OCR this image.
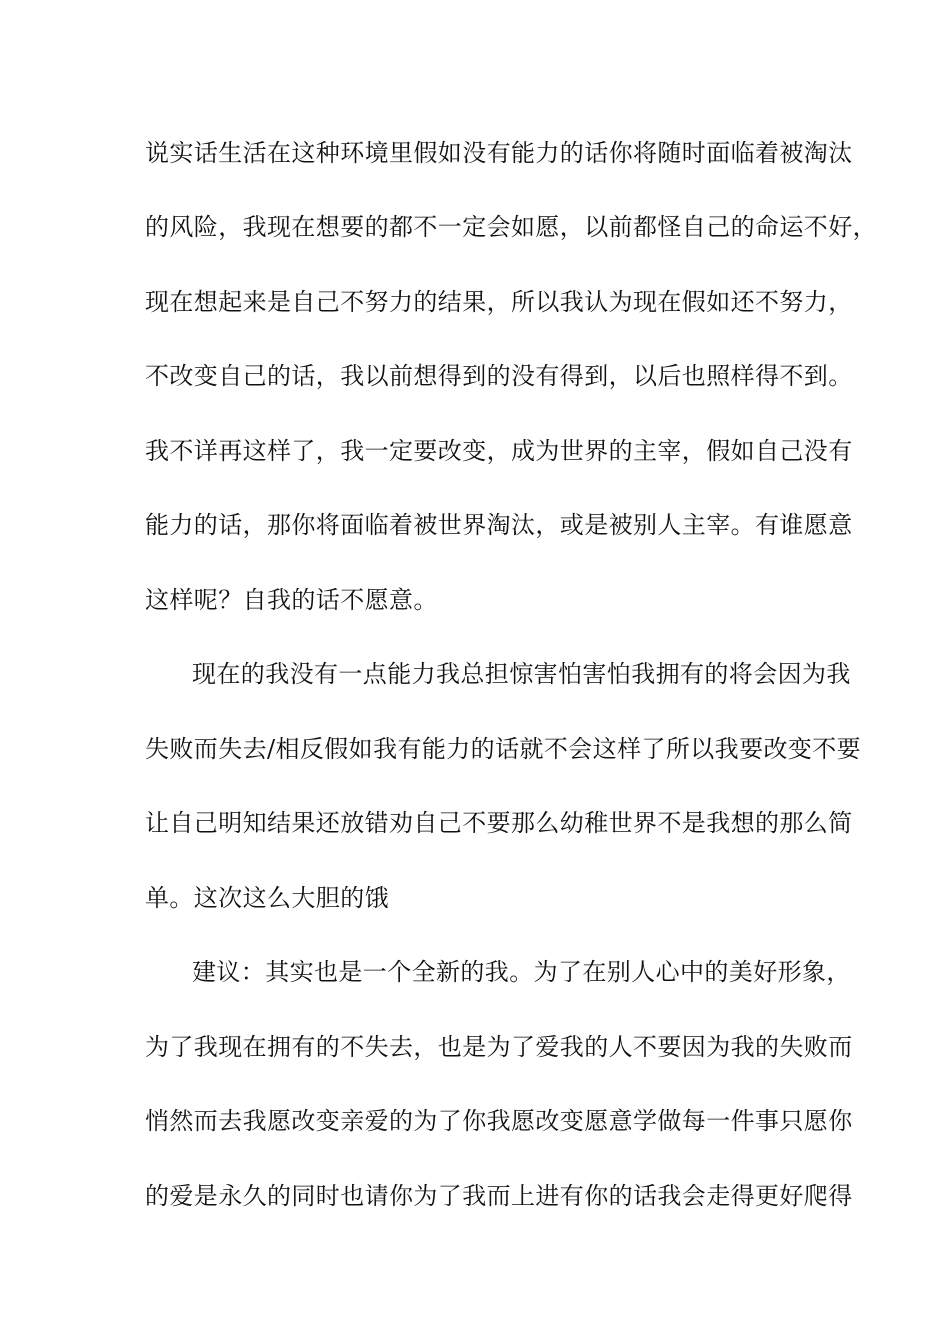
说实话生活在这种环境里假如没有能力的话你将随时面临着被淘汰
的风险，我现在想要的都不一定会如愿，以前都怪自己的命运不好，
现在想起来是自己不努力的结果，所以我认为现在假如还不努力，
不改变自己的话，我以前想得到的没有得到，以后也照样得不到。
我不详再这样了，我一定要改变，成为世界的主宰，假如自己没有
能力的话，那你将面临着被世界淘汰，或是被别人主宰。有谁愿意
这样呢？自我的话不愿意。
现在的我没有一点能力我总担惊害怕害怕我拥有的将会因为我
失败而失去/相反假如我有能力的话就不会这样了所以我要改变不要
让自己明知结果还放错劝自己不要那么幼稚世界不是我想的那么简
单。这次这么大胆的饿
建议：其实也是一个全新的我。为了在别人心中的美好形象，
为了我现在拥有的不失去，也是为了爱我的人不要因为我的失败而
悄然而去我愿改变亲爱的为了你我愿改变愿意学做每一件事只愿你
的爱是永久的同时也请你为了我而上进有你的话我会走得更好爬得
